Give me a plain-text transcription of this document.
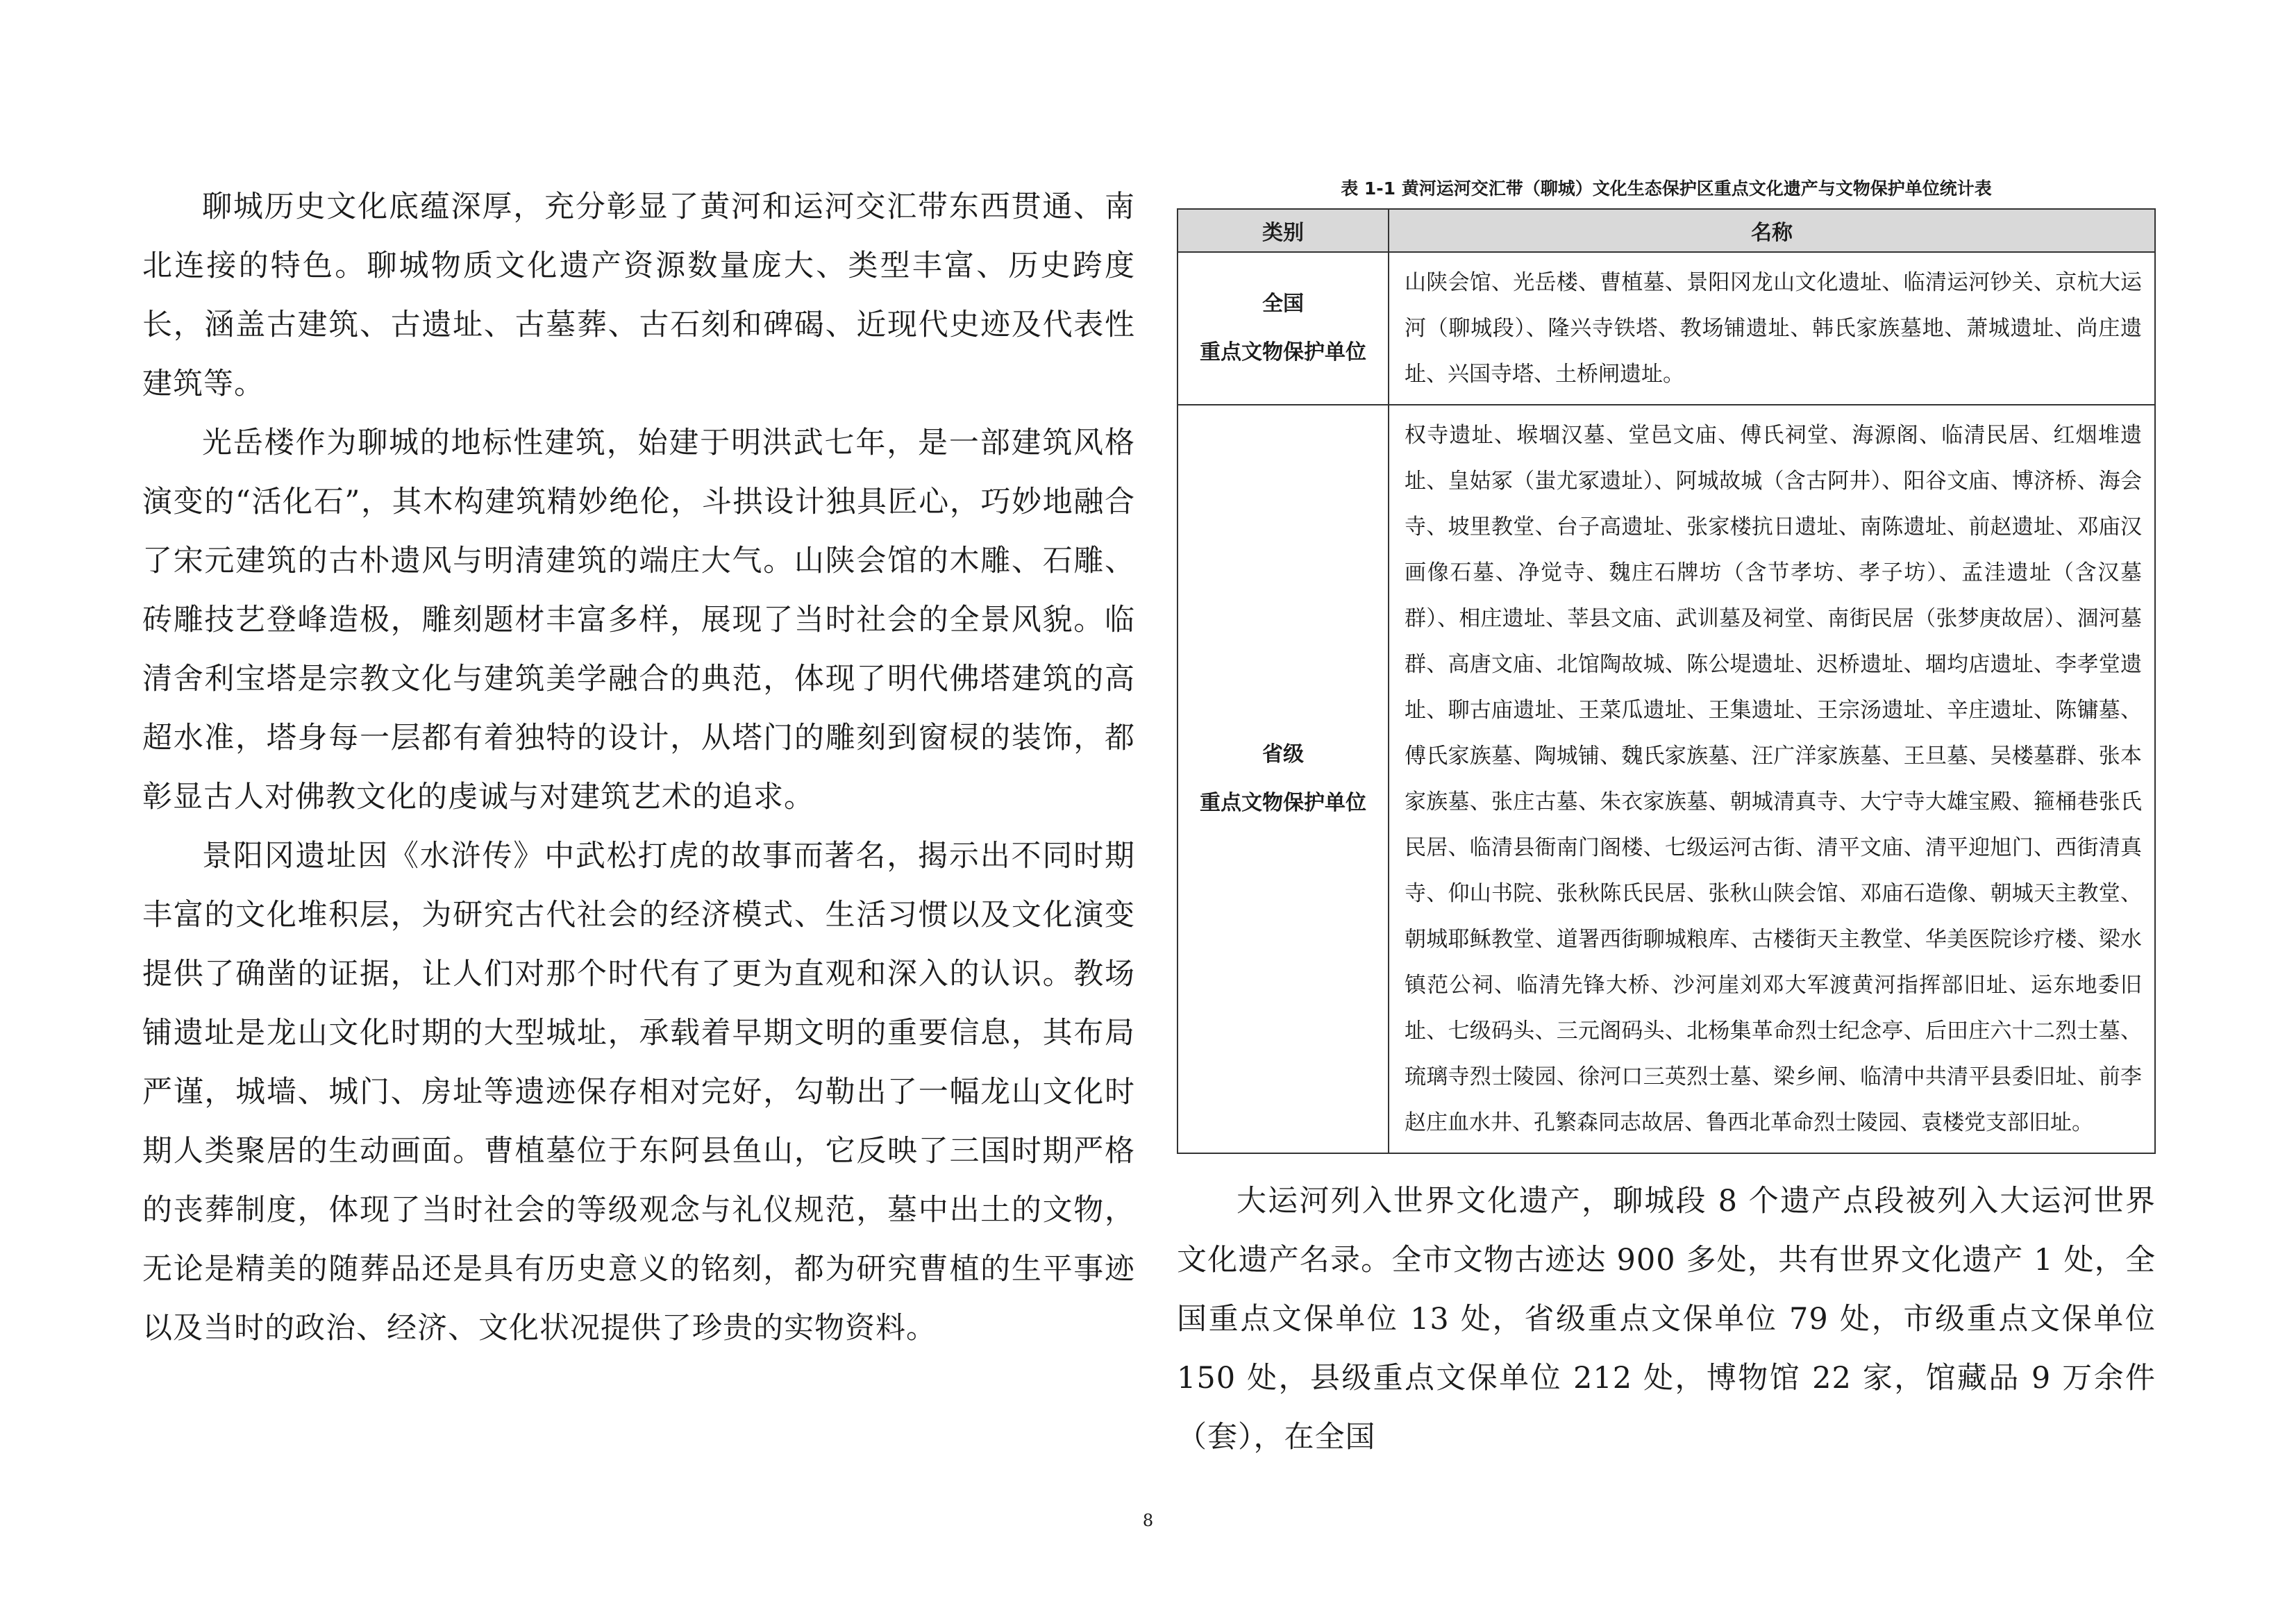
聊城历史文化底蕴深厚，充分彰显了黄河和运河交汇带东西贯通、南北连接的特色。聊城物质文化遗产资源数量庞大、类型丰富、历史跨度长，涵盖古建筑、古遗址、古墓葬、古石刻和碑碣、近现代史迹及代表性建筑等。

光岳楼作为聊城的地标性建筑，始建于明洪武七年，是一部建筑风格演变的“活化石”，其木构建筑精妙绝伦，斗拱设计独具匠心，巧妙地融合了宋元建筑的古朴遗风与明清建筑的端庄大气。山陕会馆的木雕、石雕、砖雕技艺登峰造极，雕刻题材丰富多样，展现了当时社会的全景风貌。临清舍利宝塔是宗教文化与建筑美学融合的典范，体现了明代佛塔建筑的高超水准，塔身每一层都有着独特的设计，从塔门的雕刻到窗棂的装饰，都彰显古人对佛教文化的虔诚与对建筑艺术的追求。

景阳冈遗址因《水浒传》中武松打虎的故事而著名，揭示出不同时期丰富的文化堆积层，为研究古代社会的经济模式、生活习惯以及文化演变提供了确凿的证据，让人们对那个时代有了更为直观和深入的认识。教场铺遗址是龙山文化时期的大型城址，承载着早期文明的重要信息，其布局严谨，城墙、城门、房址等遗迹保存相对完好，勾勒出了一幅龙山文化时期人类聚居的生动画面。曹植墓位于东阿县鱼山，它反映了三国时期严格的丧葬制度，体现了当时社会的等级观念与礼仪规范，墓中出土的文物，无论是精美的随葬品还是具有历史意义的铭刻，都为研究曹植的生平事迹以及当时的政治、经济、文化状况提供了珍贵的实物资料。

表 1-1 黄河运河交汇带（聊城）文化生态保护区重点文化遗产与文物保护单位统计表
类别	名称

全国
重点文物保护单位	山陕会馆、光岳楼、曹植墓、景阳冈龙山文化遗址、临清运河钞关、京杭大运河（聊城段）、隆兴寺铁塔、教场铺遗址、韩氏家族墓地、萧城遗址、尚庄遗址、兴国寺塔、土桥闸遗址。

省级
重点文物保护单位	权寺遗址、堠堌汉墓、堂邑文庙、傅氏祠堂、海源阁、临清民居、红烟堆遗址、皇姑冢（蚩尤冢遗址）、阿城故城（含古阿井）、阳谷文庙、博济桥、海会寺、坡里教堂、台子高遗址、张家楼抗日遗址、南陈遗址、前赵遗址、邓庙汉画像石墓、净觉寺、魏庄石牌坊（含节孝坊、孝子坊）、孟洼遗址（含汉墓群）、相庄遗址、莘县文庙、武训墓及祠堂、南街民居（张梦庚故居）、涸河墓群、高唐文庙、北馆陶故城、陈公堤遗址、迟桥遗址、堌均店遗址、李孝堂遗址、聊古庙遗址、王菜瓜遗址、王集遗址、王宗汤遗址、辛庄遗址、陈镛墓、傅氏家族墓、陶城铺、魏氏家族墓、汪广洋家族墓、王旦墓、吴楼墓群、张本家族墓、张庄古墓、朱衣家族墓、朝城清真寺、大宁寺大雄宝殿、箍桶巷张氏民居、临清县衙南门阁楼、七级运河古街、清平文庙、清平迎旭门、西街清真寺、仰山书院、张秋陈氏民居、张秋山陕会馆、邓庙石造像、朝城天主教堂、朝城耶稣教堂、道署西街聊城粮库、古楼街天主教堂、华美医院诊疗楼、梁水镇范公祠、临清先锋大桥、沙河崖刘邓大军渡黄河指挥部旧址、运东地委旧址、七级码头、三元阁码头、北杨集革命烈士纪念亭、后田庄六十二烈士墓、琉璃寺烈士陵园、徐河口三英烈士墓、梁乡闸、临清中共清平县委旧址、前李赵庄血水井、孔繁森同志故居、鲁西北革命烈士陵园、袁楼党支部旧址。

大运河列入世界文化遗产，聊城段 8 个遗产点段被列入大运河世界文化遗产名录。全市文物古迹达 900 多处，共有世界文化遗产 1 处，全国重点文保单位 13 处，省级重点文保单位 79 处，市级重点文保单位 150 处，县级重点文保单位 212 处，博物馆 22 家，馆藏品 9 万余件（套），在全国

8
